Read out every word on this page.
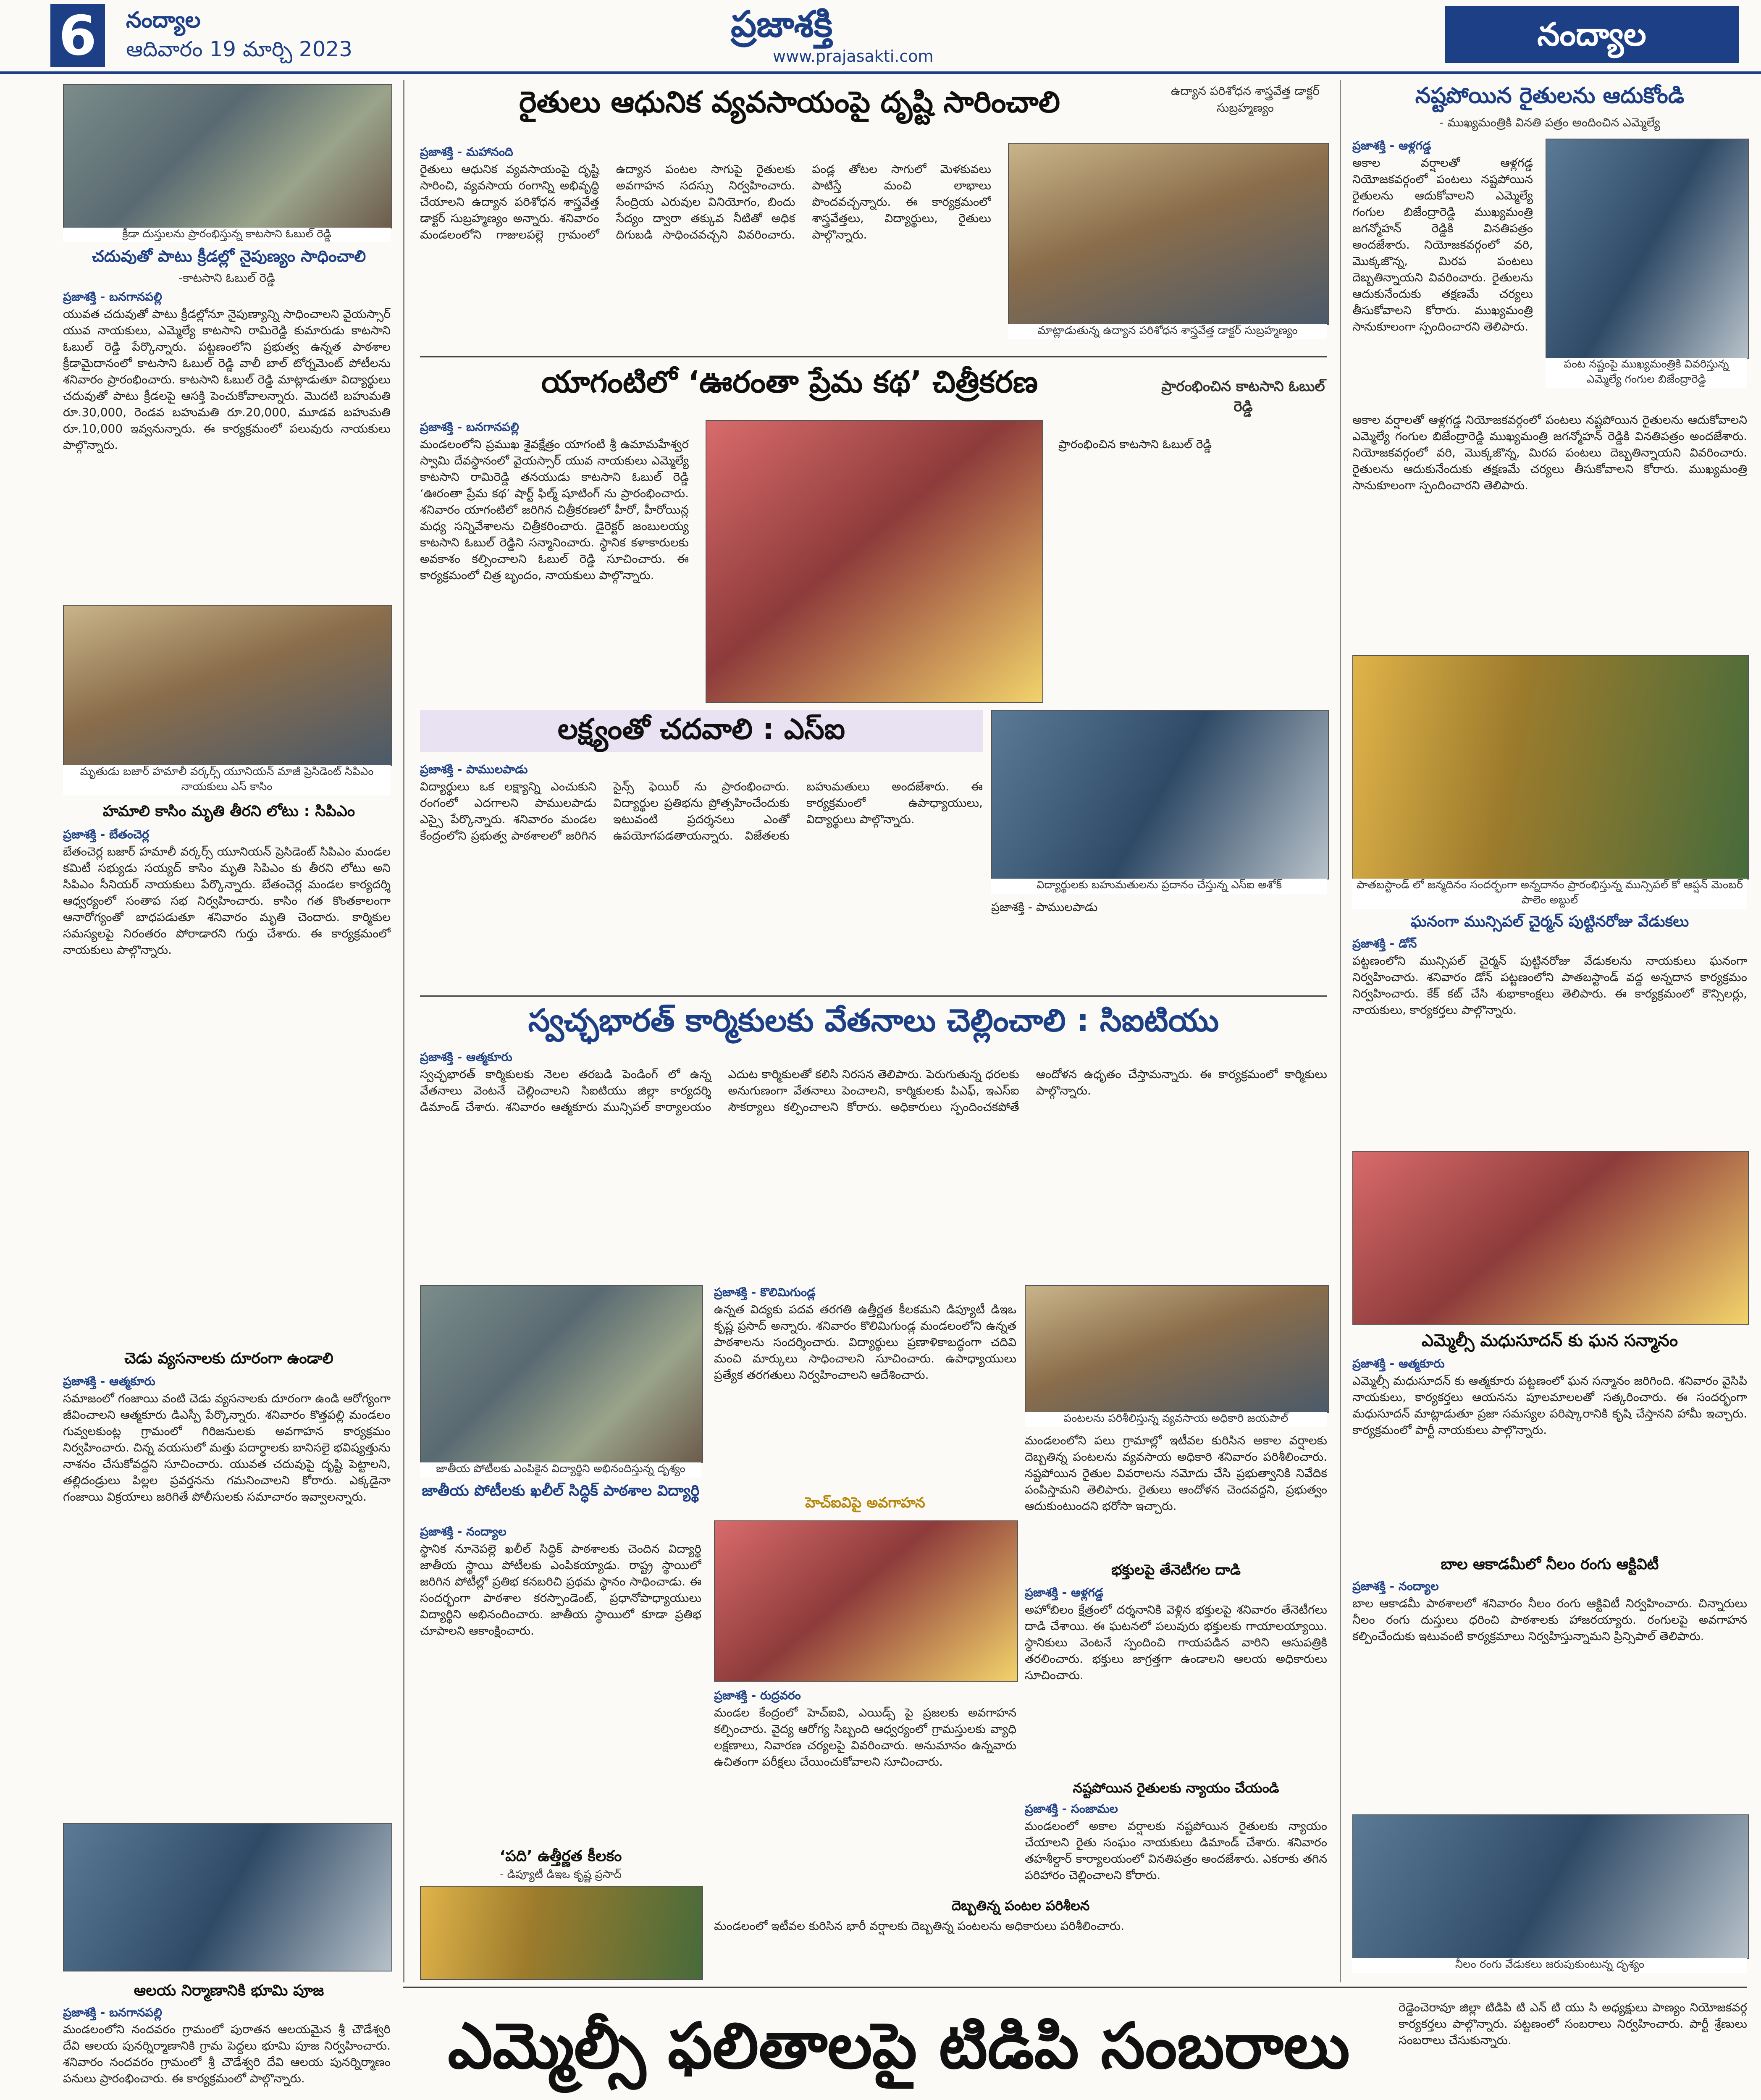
6	నంద్యాల
ఆదివారం 19 మార్చి 2023
ప్రజాశక్తి
www.prajasakti.com
నంద్యాల
క్రీడా దుస్తులను ప్రారంభిస్తున్న కాటసాని ఓబుల్ రెడ్డి
చదువుతో పాటు క్రీడల్లో నైపుణ్యం సాధించాలి
-కాటసాని ఓబుల్ రెడ్డి
ప్రజాశక్తి - బనగానపల్లి
యువత చదువుతో పాటు క్రీడల్లోనూ నైపుణ్యాన్ని సాధించాలని వైయస్సార్ యువ నాయకులు, ఎమ్మెల్యే కాటసాని రామిరెడ్డి కుమారుడు కాటసాని ఓబుల్ రెడ్డి పేర్కొన్నారు. పట్టణంలోని ప్రభుత్వ ఉన్నత పాఠశాల క్రీడామైదానంలో కాటసాని ఓబుల్ రెడ్డి వాలీ బాల్ టోర్నమెంట్ పోటీలను శనివారం ప్రారంభించారు. కాటసాని ఓబుల్ రెడ్డి మాట్లాడుతూ విద్యార్థులు చదువుతో పాటు క్రీడలపై ఆసక్తి పెంచుకోవాలన్నారు. మొదటి బహుమతి రూ.30,000, రెండవ బహుమతి రూ.20,000, మూడవ బహుమతి రూ.10,000 ఇవ్వనున్నారు. ఈ కార్యక్రమంలో పలువురు నాయకులు పాల్గొన్నారు.
మృతుడు బజార్ హమాలీ వర్కర్స్ యూనియన్ మాజీ ప్రెసిడెంట్ సిపిఎం నాయకులు ఎస్ కాసిం
హమాలి కాసిం మృతి తీరని లోటు : సిపిఎం
ప్రజాశక్తి - బేతంచెర్ల
బేతంచెర్ల బజార్ హమాలీ వర్కర్స్ యూనియన్ ప్రెసిడెంట్ సిపిఎం మండల కమిటీ సభ్యుడు సయ్యద్ కాసిం మృతి సిపిఎం కు తీరని లోటు అని సిపిఎం సీనియర్ నాయకులు పేర్కొన్నారు. బేతంచెర్ల మండల కార్యదర్శి ఆధ్వర్యంలో సంతాప సభ నిర్వహించారు. కాసిం గత కొంతకాలంగా ఆనారోగ్యంతో బాధపడుతూ శనివారం మృతి చెందారు. కార్మికుల సమస్యలపై నిరంతరం పోరాడారని గుర్తు చేశారు. ఈ కార్యక్రమంలో నాయకులు పాల్గొన్నారు.
చెడు వ్యసనాలకు దూరంగా ఉండాలి
ప్రజాశక్తి - ఆత్మకూరు
సమాజంలో గంజాయి వంటి చెడు వ్యసనాలకు దూరంగా ఉండి ఆరోగ్యంగా జీవించాలని ఆత్మకూరు డిఎస్పీ పేర్కొన్నారు. శనివారం కొత్తపల్లి మండలం గువ్వలకుంట్ల గ్రామంలో గిరిజనులకు అవగాహన కార్యక్రమం నిర్వహించారు. చిన్న వయసులో మత్తు పదార్థాలకు బానిసలై భవిష్యత్తును నాశనం చేసుకోవద్దని సూచించారు. యువత చదువుపై దృష్టి పెట్టాలని, తల్లిదండ్రులు పిల్లల ప్రవర్తనను గమనించాలని కోరారు. ఎక్కడైనా గంజాయి విక్రయాలు జరిగితే పోలీసులకు సమాచారం ఇవ్వాలన్నారు.
ఆలయ నిర్మాణానికి భూమి పూజ
ప్రజాశక్తి - బనగానపల్లి
మండలంలోని నందవరం గ్రామంలో పురాతన ఆలయమైన శ్రీ చౌడేశ్వరి దేవి ఆలయ పునర్నిర్మాణానికి గ్రామ పెద్దలు భూమి పూజ నిర్వహించారు. శనివారం నందవరం గ్రామంలో శ్రీ చౌడేశ్వరి దేవి ఆలయ పునర్నిర్మాణం పనులు ప్రారంభించారు. ఈ కార్యక్రమంలో పాల్గొన్నారు.
రైతులు ఆధునిక వ్యవసాయంపై దృష్టి సారించాలి	ఉద్యాన పరిశోధన శాస్త్రవేత్త డాక్టర్ సుబ్రహ్మణ్యం
ప్రజాశక్తి - మహానంది
రైతులు ఆధునిక వ్యవసాయంపై దృష్టి సారించి, వ్యవసాయ రంగాన్ని అభివృద్ధి చేయాలని ఉద్యాన పరిశోధన శాస్త్రవేత్త డాక్టర్ సుబ్రహ్మణ్యం అన్నారు. శనివారం మండలంలోని గాజులపల్లె గ్రామంలో ఉద్యాన పంటల సాగుపై రైతులకు అవగాహన సదస్సు నిర్వహించారు. సేంద్రియ ఎరువుల వినియోగం, బిందు సేద్యం ద్వారా తక్కువ నీటితో అధిక దిగుబడి సాధించవచ్చని వివరించారు. పండ్ల తోటల సాగులో మెళకువలు పాటిస్తే మంచి లాభాలు పొందవచ్చన్నారు. ఈ కార్యక్రమంలో శాస్త్రవేత్తలు, విద్యార్థులు, రైతులు పాల్గొన్నారు.
మాట్లాడుతున్న ఉద్యాన పరిశోధన శాస్త్రవేత్త డాక్టర్ సుబ్రహ్మణ్యం
యాగంటిలో ‘ఊరంతా ప్రేమ కథ’ చిత్రీకరణ	ప్రారంభించిన కాటసాని ఓబుల్ రెడ్డి
ప్రజాశక్తి - బనగానపల్లి
మండలంలోని ప్రముఖ శైవక్షేత్రం యాగంటి శ్రీ ఉమామహేశ్వర స్వామి దేవస్థానంలో వైయస్సార్ యువ నాయకులు ఎమ్మెల్యే కాటసాని రామిరెడ్డి తనయుడు కాటసాని ఓబుల్ రెడ్డి ‘ఊరంతా ప్రేమ కథ’ షార్ట్ ఫిల్మ్ షూటింగ్ ను ప్రారంభించారు. శనివారం యాగంటిలో జరిగిన చిత్రీకరణలో హీరో, హీరోయిన్ల మధ్య సన్నివేశాలను చిత్రీకరించారు. డైరెక్టర్ జంబులయ్య కాటసాని ఓబుల్ రెడ్డిని సన్మానించారు. స్థానిక కళాకారులకు అవకాశం కల్పించాలని ఓబుల్ రెడ్డి సూచించారు. ఈ కార్యక్రమంలో చిత్ర బృందం, నాయకులు పాల్గొన్నారు.
ప్రారంభించిన కాటసాని ఓబుల్ రెడ్డి
లక్ష్యంతో చదవాలి : ఎస్ఐ
ప్రజాశక్తి - పాములపాడు
విద్యార్థులు ఒక లక్ష్యాన్ని ఎంచుకుని రంగంలో ఎదగాలని పాములపాడు ఎస్సై పేర్కొన్నారు. శనివారం మండల కేంద్రంలోని ప్రభుత్వ పాఠశాలలో జరిగిన సైన్స్ ఫెయిర్ ను ప్రారంభించారు. విద్యార్థుల ప్రతిభను ప్రోత్సహించేందుకు ఇటువంటి ప్రదర్శనలు ఎంతో ఉపయోగపడతాయన్నారు. విజేతలకు బహుమతులు అందజేశారు. ఈ కార్యక్రమంలో ఉపాధ్యాయులు, విద్యార్థులు పాల్గొన్నారు.
విద్యార్థులకు బహుమతులను ప్రదానం చేస్తున్న ఎస్ఐ అశోక్
ప్రజాశక్తి - పాములపాడు
స్వచ్ఛభారత్ కార్మికులకు వేతనాలు చెల్లించాలి : సిఐటియు
ప్రజాశక్తి - ఆత్మకూరు
స్వచ్ఛభారత్ కార్మికులకు నెలల తరబడి పెండింగ్ లో ఉన్న వేతనాలు వెంటనే చెల్లించాలని సిఐటియు జిల్లా కార్యదర్శి డిమాండ్ చేశారు. శనివారం ఆత్మకూరు మున్సిపల్ కార్యాలయం ఎదుట కార్మికులతో కలిసి నిరసన తెలిపారు. పెరుగుతున్న ధరలకు అనుగుణంగా వేతనాలు పెంచాలని, కార్మికులకు పిఎఫ్, ఇఎస్ఐ సౌకర్యాలు కల్పించాలని కోరారు. అధికారులు స్పందించకపోతే ఆందోళన ఉధృతం చేస్తామన్నారు. ఈ కార్యక్రమంలో కార్మికులు పాల్గొన్నారు.
జాతీయ పోటీలకు ఎంపికైన విద్యార్థిని అభినందిస్తున్న దృశ్యం
జాతీయ పోటీలకు ఖలీల్ సిద్ధిక్ పాఠశాల విద్యార్థి
ప్రజాశక్తి - నంద్యాల
స్థానిక నూనెపల్లె ఖలీల్ సిద్ధిక్ పాఠశాలకు చెందిన విద్యార్థి జాతీయ స్థాయి పోటీలకు ఎంపికయ్యాడు. రాష్ట్ర స్థాయిలో జరిగిన పోటీల్లో ప్రతిభ కనబరిచి ప్రథమ స్థానం సాధించాడు. ఈ సందర్భంగా పాఠశాల కరస్పాండెంట్, ప్రధానోపాధ్యాయులు విద్యార్థిని అభినందించారు. జాతీయ స్థాయిలో కూడా ప్రతిభ చూపాలని ఆకాంక్షించారు.
‘పది’ ఉత్తీర్ణత కీలకం
- డిప్యూటీ డిఇఒ కృష్ణ ప్రసాద్
ప్రజాశక్తి - కొలిమిగుండ్ల
ఉన్నత విద్యకు పదవ తరగతి ఉత్తీర్ణత కీలకమని డిప్యూటీ డిఇఒ కృష్ణ ప్రసాద్ అన్నారు. శనివారం కొలిమిగుండ్ల మండలంలోని ఉన్నత పాఠశాలను సందర్శించారు. విద్యార్థులు ప్రణాళికాబద్ధంగా చదివి మంచి మార్కులు సాధించాలని సూచించారు. ఉపాధ్యాయులు ప్రత్యేక తరగతులు నిర్వహించాలని ఆదేశించారు.
హెచ్ఐవిపై అవగాహన
ప్రజాశక్తి - రుద్రవరం
మండల కేంద్రంలో హెచ్ఐవి, ఎయిడ్స్ పై ప్రజలకు అవగాహన కల్పించారు. వైద్య ఆరోగ్య సిబ్బంది ఆధ్వర్యంలో గ్రామస్తులకు వ్యాధి లక్షణాలు, నివారణ చర్యలపై వివరించారు. అనుమానం ఉన్నవారు ఉచితంగా పరీక్షలు చేయించుకోవాలని సూచించారు.
దెబ్బతిన్న పంటల పరిశీలన
మండలంలో ఇటీవల కురిసిన భారీ వర్షాలకు దెబ్బతిన్న పంటలను అధికారులు పరిశీలించారు.
పంటలను పరిశీలిస్తున్న వ్యవసాయ అధికారి జయపాల్
మండలంలోని పలు గ్రామాల్లో ఇటీవల కురిసిన అకాల వర్షాలకు దెబ్బతిన్న పంటలను వ్యవసాయ అధికారి శనివారం పరిశీలించారు. నష్టపోయిన రైతుల వివరాలను నమోదు చేసి ప్రభుత్వానికి నివేదిక పంపిస్తామని తెలిపారు. రైతులు ఆందోళన చెందవద్దని, ప్రభుత్వం ఆదుకుంటుందని భరోసా ఇచ్చారు.
భక్తులపై తేనెటీగల దాడి
ప్రజాశక్తి - ఆళ్లగడ్డ
అహోబిలం క్షేత్రంలో దర్శనానికి వెళ్లిన భక్తులపై శనివారం తేనెటీగలు దాడి చేశాయి. ఈ ఘటనలో పలువురు భక్తులకు గాయాలయ్యాయి. స్థానికులు వెంటనే స్పందించి గాయపడిన వారిని ఆసుపత్రికి తరలించారు. భక్తులు జాగ్రత్తగా ఉండాలని ఆలయ అధికారులు సూచించారు.
నష్టపోయిన రైతులకు న్యాయం చేయండి
ప్రజాశక్తి - సంజామల
మండలంలో అకాల వర్షాలకు నష్టపోయిన రైతులకు న్యాయం చేయాలని రైతు సంఘం నాయకులు డిమాండ్ చేశారు. శనివారం తహశీల్దార్ కార్యాలయంలో వినతిపత్రం అందజేశారు. ఎకరాకు తగిన పరిహారం చెల్లించాలని కోరారు.
నష్టపోయిన రైతులను ఆదుకోండి
- ముఖ్యమంత్రికి వినతి పత్రం అందించిన ఎమ్మెల్యే
ప్రజాశక్తి - ఆళ్లగడ్డ
అకాల వర్షాలతో ఆళ్లగడ్డ నియోజకవర్గంలో పంటలు నష్టపోయిన రైతులను ఆదుకోవాలని ఎమ్మెల్యే గంగుల బిజేంద్రారెడ్డి ముఖ్యమంత్రి జగన్మోహన్ రెడ్డికి వినతిపత్రం అందజేశారు. నియోజకవర్గంలో వరి, మొక్కజొన్న, మిరప పంటలు దెబ్బతిన్నాయని వివరించారు. రైతులను ఆదుకునేందుకు తక్షణమే చర్యలు తీసుకోవాలని కోరారు. ముఖ్యమంత్రి సానుకూలంగా స్పందించారని తెలిపారు.
పంట నష్టంపై ముఖ్యమంత్రికి వివరిస్తున్న ఎమ్మెల్యే గంగుల బిజేంద్రారెడ్డి
అకాల వర్షాలతో ఆళ్లగడ్డ నియోజకవర్గంలో పంటలు నష్టపోయిన రైతులను ఆదుకోవాలని ఎమ్మెల్యే గంగుల బిజేంద్రారెడ్డి ముఖ్యమంత్రి జగన్మోహన్ రెడ్డికి వినతిపత్రం అందజేశారు. నియోజకవర్గంలో వరి, మొక్కజొన్న, మిరప పంటలు దెబ్బతిన్నాయని వివరించారు. రైతులను ఆదుకునేందుకు తక్షణమే చర్యలు తీసుకోవాలని కోరారు. ముఖ్యమంత్రి సానుకూలంగా స్పందించారని తెలిపారు.
పాతబస్టాండ్ లో జన్మదినం సందర్భంగా అన్నదానం ప్రారంభిస్తున్న మున్సిపల్ కో ఆప్షన్ మెంబర్ పాలెం అబ్దుల్
ఘనంగా మున్సిపల్ చైర్మన్ పుట్టినరోజు వేడుకలు
ప్రజాశక్తి - డోన్
పట్టణంలోని మున్సిపల్ చైర్మన్ పుట్టినరోజు వేడుకలను నాయకులు ఘనంగా నిర్వహించారు. శనివారం డోన్ పట్టణంలోని పాతబస్టాండ్ వద్ద అన్నదాన కార్యక్రమం నిర్వహించారు. కేక్ కట్ చేసి శుభాకాంక్షలు తెలిపారు. ఈ కార్యక్రమంలో కౌన్సిలర్లు, నాయకులు, కార్యకర్తలు పాల్గొన్నారు.
ఎమ్మెల్సీ మధుసూదన్ కు ఘన సన్మానం
ప్రజాశక్తి - ఆత్మకూరు
ఎమ్మెల్సీ మధుసూదన్ కు ఆత్మకూరు పట్టణంలో ఘన సన్మానం జరిగింది. శనివారం వైసిపి నాయకులు, కార్యకర్తలు ఆయనను పూలమాలలతో సత్కరించారు. ఈ సందర్భంగా మధుసూదన్ మాట్లాడుతూ ప్రజా సమస్యల పరిష్కారానికి కృషి చేస్తానని హామీ ఇచ్చారు. కార్యక్రమంలో పార్టీ నాయకులు పాల్గొన్నారు.
బాల ఆకాడమీలో నీలం రంగు ఆక్టివిటీ
ప్రజాశక్తి - నంద్యాల
బాల ఆకాడమీ పాఠశాలలో శనివారం నీలం రంగు ఆక్టివిటీ నిర్వహించారు. చిన్నారులు నీలం రంగు దుస్తులు ధరించి పాఠశాలకు హాజరయ్యారు. రంగులపై అవగాహన కల్పించేందుకు ఇటువంటి కార్యక్రమాలు నిర్వహిస్తున్నామని ప్రిన్సిపాల్ తెలిపారు.
నీలం రంగు వేడుకలు జరుపుకుంటున్న దృశ్యం
ఎమ్మెల్సీ ఫలితాలపై టిడిపి సంబరాలు
రెడ్డెంచెరావూ జిల్లా టిడిపి టి ఎన్ టి యు సి అధ్యక్షులు పాణ్యం నియోజకవర్గ కార్యకర్తలు పాల్గొన్నారు. పట్టణంలో సంబరాలు నిర్వహించారు. పార్టీ శ్రేణులు సంబరాలు చేసుకున్నారు.
